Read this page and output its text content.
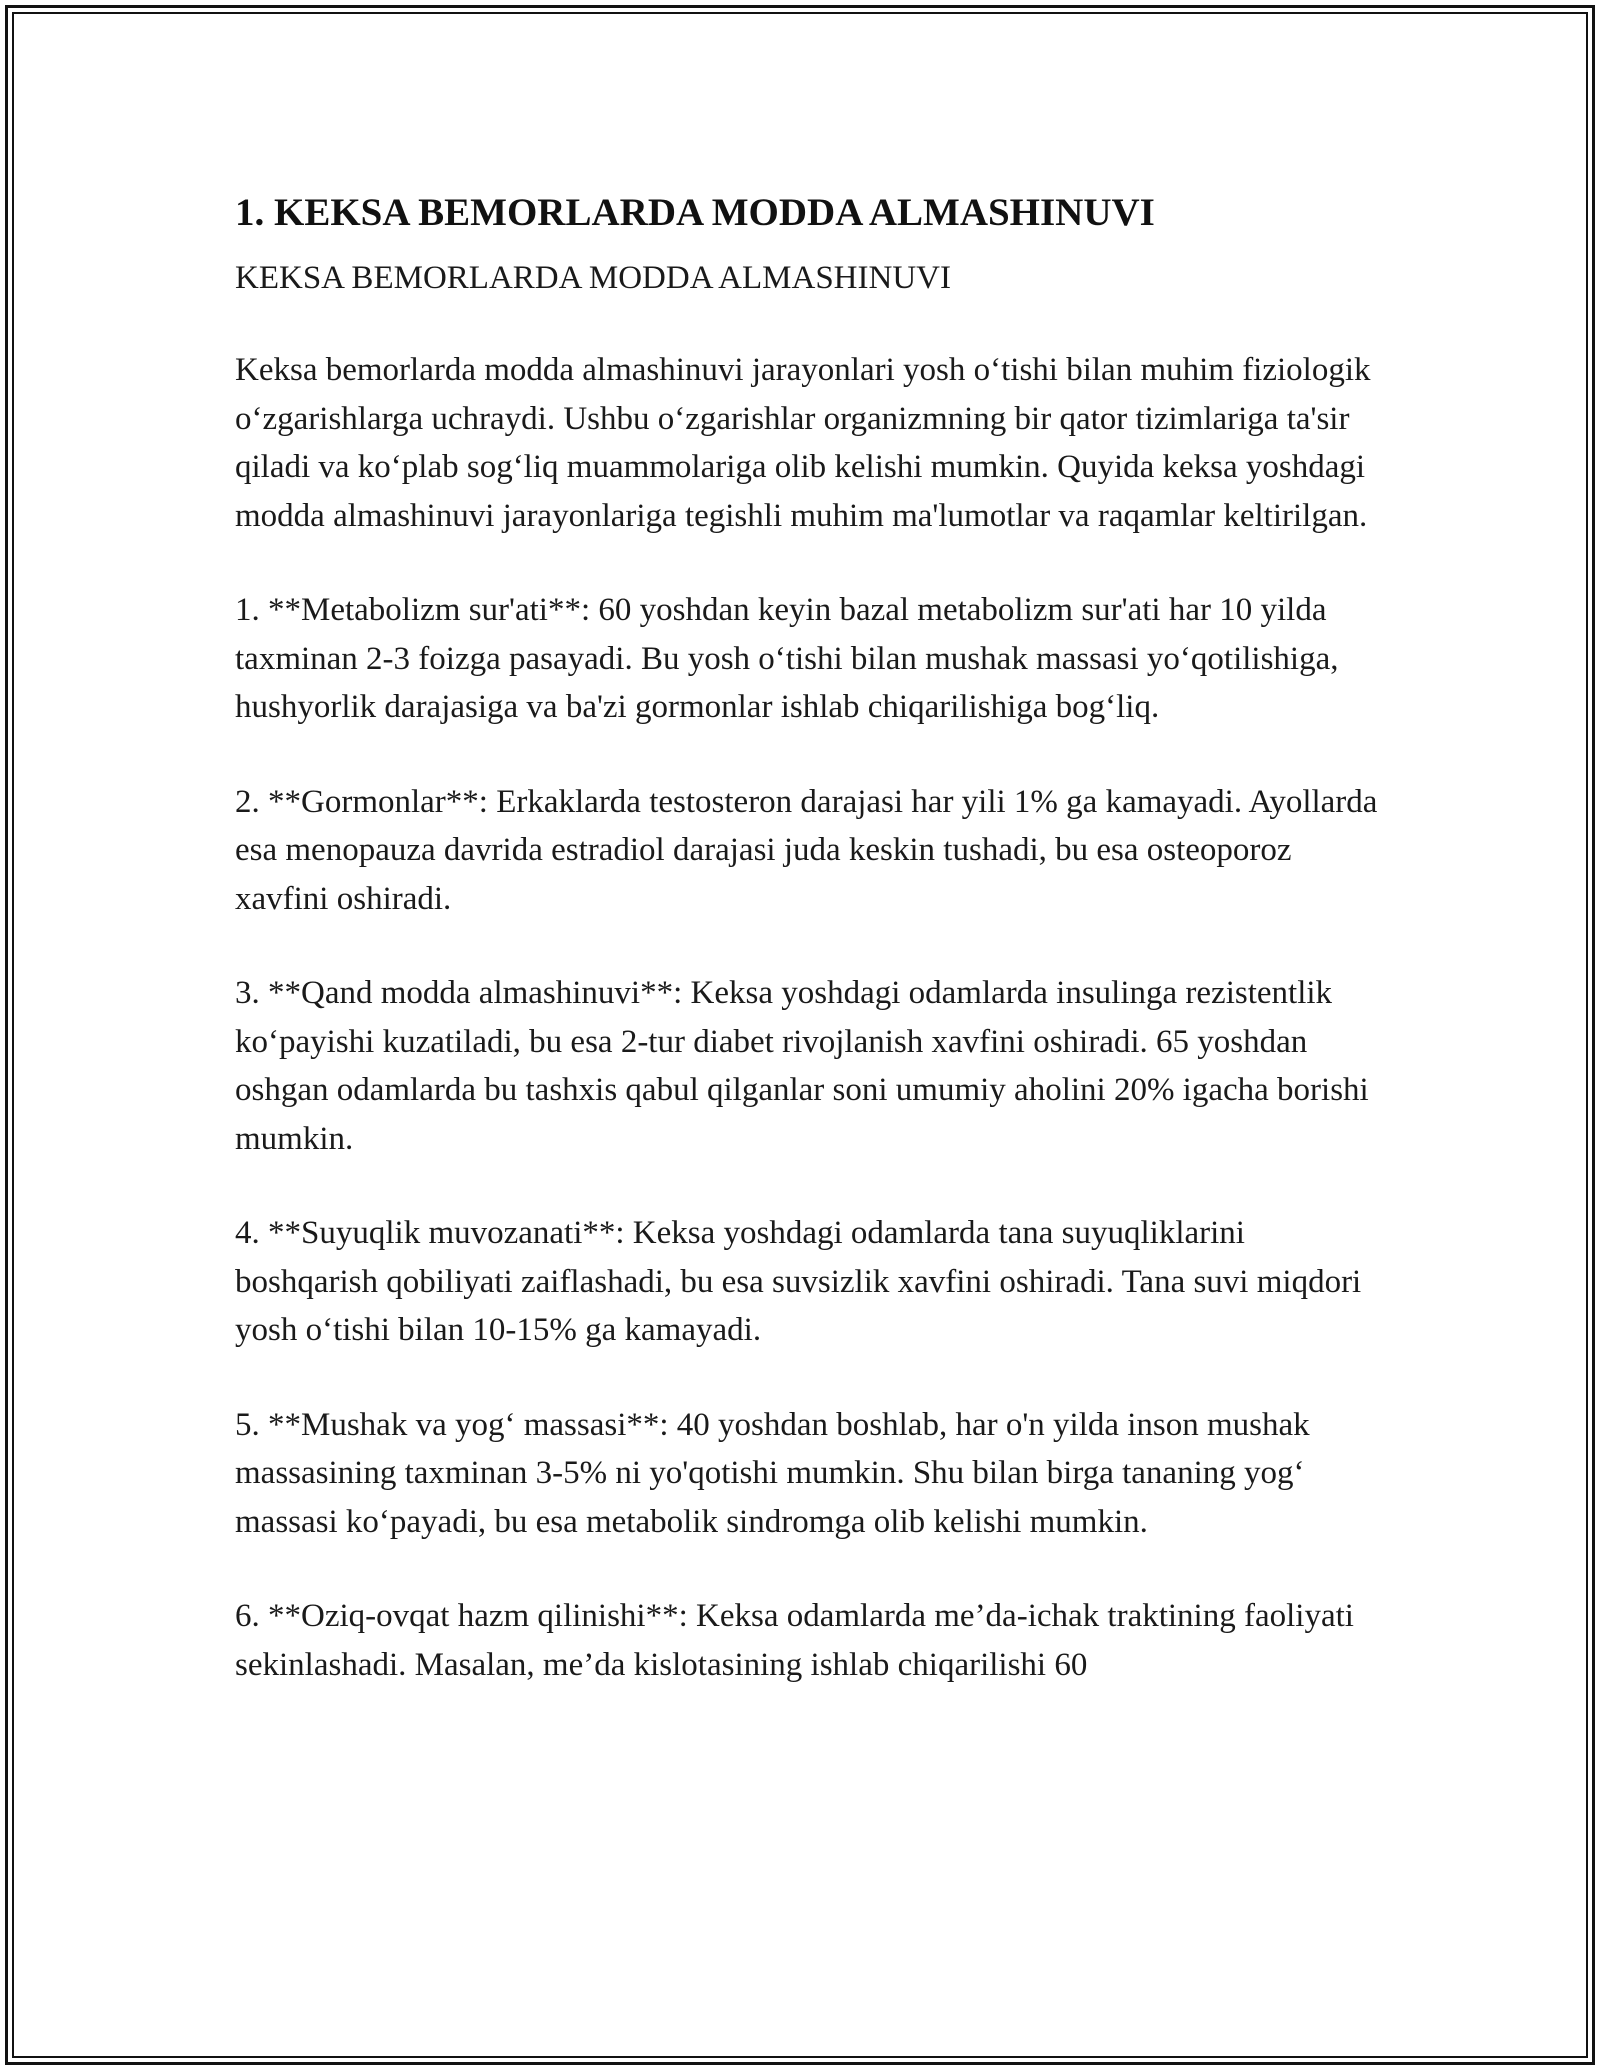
1. KEKSA BEMORLARDA MODDA ALMASHINUVI

KEKSA BEMORLARDA MODDA ALMASHINUVI

Keksa bemorlarda modda almashinuvi jarayonlari yosh o‘tishi bilan muhim fiziologik o‘zgarishlarga uchraydi. Ushbu o‘zgarishlar organizmning bir qator tizimlariga ta'sir qiladi va ko‘plab sog‘liq muammolariga olib kelishi mumkin. Quyida keksa yoshdagi modda almashinuvi jarayonlariga tegishli muhim ma'lumotlar va raqamlar keltirilgan.

1. **Metabolizm sur'ati**: 60 yoshdan keyin bazal metabolizm sur'ati har 10 yilda taxminan 2-3 foizga pasayadi. Bu yosh o‘tishi bilan mushak massasi yo‘qotilishiga, hushyorlik darajasiga va ba'zi gormonlar ishlab chiqarilishiga bog‘liq.

2. **Gormonlar**: Erkaklarda testosteron darajasi har yili 1% ga kamayadi. Ayollarda esa menopauza davrida estradiol darajasi juda keskin tushadi, bu esa osteoporoz xavfini oshiradi.

3. **Qand modda almashinuvi**: Keksa yoshdagi odamlarda insulinga rezistentlik ko‘payishi kuzatiladi, bu esa 2-tur diabet rivojlanish xavfini oshiradi. 65 yoshdan oshgan odamlarda bu tashxis qabul qilganlar soni umumiy aholini 20% igacha borishi mumkin.

4. **Suyuqlik muvozanati**: Keksa yoshdagi odamlarda tana suyuqliklarini boshqarish qobiliyati zaiflashadi, bu esa suvsizlik xavfini oshiradi. Tana suvi miqdori yosh o‘tishi bilan 10-15% ga kamayadi.

5. **Mushak va yog‘ massasi**: 40 yoshdan boshlab, har o'n yilda inson mushak massasining taxminan 3-5% ni yo'qotishi mumkin. Shu bilan birga tananing yog‘ massasi ko‘payadi, bu esa metabolik sindromga olib kelishi mumkin.

6. **Oziq-ovqat hazm qilinishi**: Keksa odamlarda me’da-ichak traktining faoliyati sekinlashadi. Masalan, me’da kislotasining ishlab chiqarilishi 60
